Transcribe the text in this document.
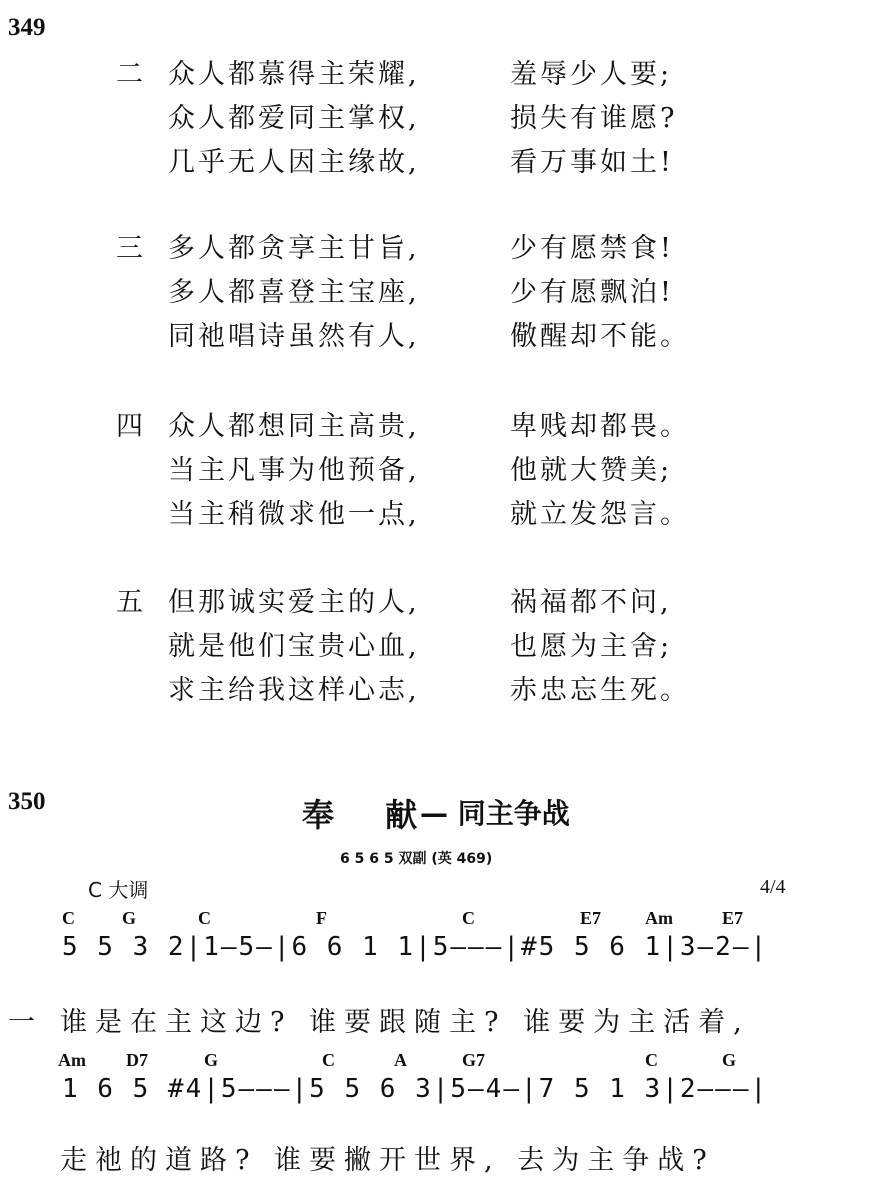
349
二 众人都慕得主荣耀,	羞辱少人要;
众人都爱同主掌权,	损失有谁愿?
几乎无人因主缘故,	看万事如土!
三 多人都贪享主甘旨,	少有愿禁食!
多人都喜登主宝座,	少有愿飘泊!
同祂唱诗虽然有人,	儆醒却不能。
四 众人都想同主高贵,	卑贱却都畏。
当主凡事为他预备,	他就大赞美;
当主稍微求他一点,	就立发怨言。
五 但那诚实爱主的人,	祸福都不问,
就是他们宝贵心血,	也愿为主舍;
求主给我这样心志,	赤忠忘生死。
350	奉 献
— 同主争战
6 5 6 5 双副 (英 469)
C 大调	4/4
C	G	C	F	C	E7 Am	E7
5 5 3 2|1—5—|6 6 1 1|5———|#5 5 6 1|3—2—|
一 谁是在主这边? 谁要跟随主? 谁要为主活着,
Am D7	G	C	A	G7	C	G
1 6 5 #4|5———|5 5 6 3|5—4—|7 5 1 3|2———|
走祂的道路? 谁要撇开世界, 去为主争战?
